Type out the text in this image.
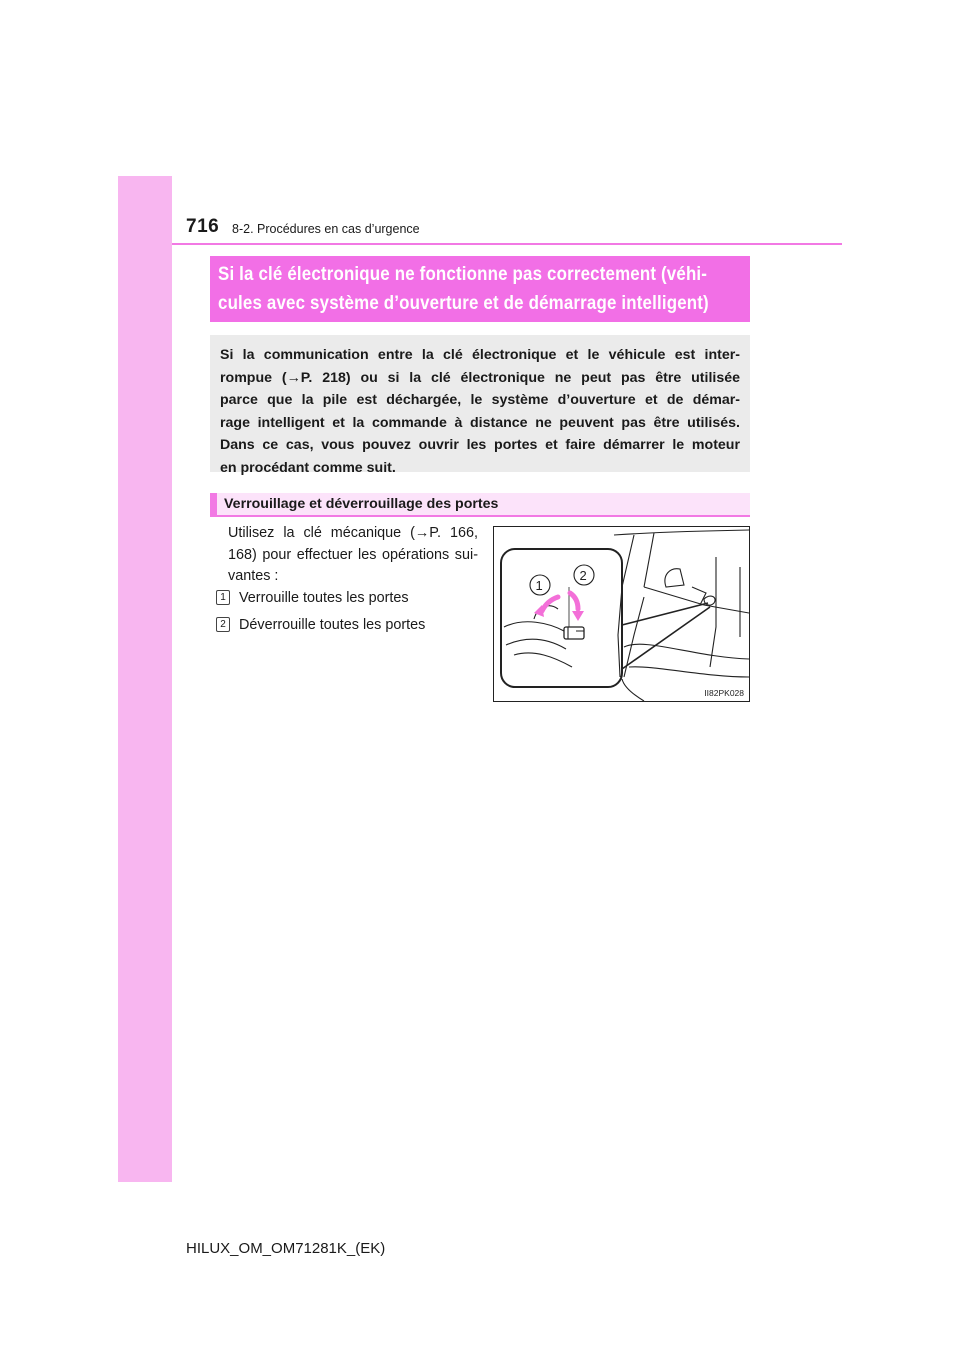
716 8-2. Procédures en cas d’urgence
Si la clé électronique ne fonctionne pas correctement (véhi-
cules avec système d’ouverture et de démarrage intelligent)
Si la communication entre la clé électronique et le véhicule est inter-
rompue (→P. 218) ou si la clé électronique ne peut pas être utilisée
parce que la pile est déchargée, le système d’ouverture et de démar-
rage intelligent et la commande à distance ne peuvent pas être utilisés.
Dans ce cas, vous pouvez ouvrir les portes et faire démarrer le moteur
en procédant comme suit.
Verrouillage et déverrouillage des portes
Utilisez la clé mécanique (→P. 166,
168) pour effectuer les opérations sui-
vantes :
1 Verrouille toutes les portes
2 Déverrouille toutes les portes
1
2
II82PK028
HILUX_OM_OM71281K_(EK)
